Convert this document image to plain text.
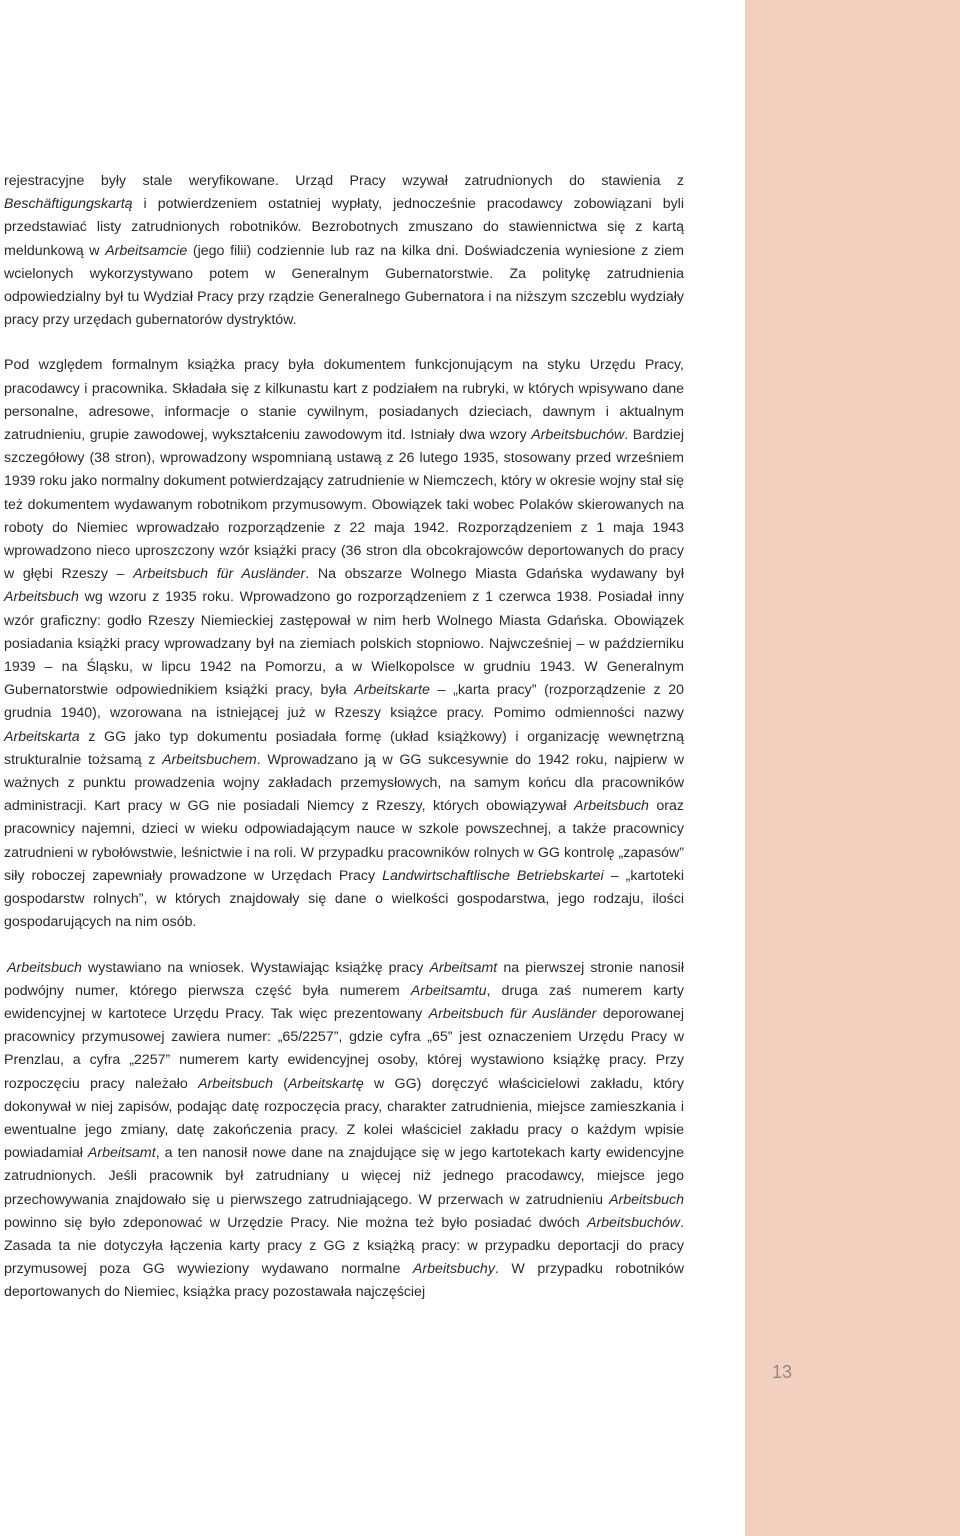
rejestracyjne były stale weryfikowane. Urząd Pracy wzywał zatrudnionych do stawienia z Beschäftigungskartą i potwierdzeniem ostatniej wypłaty, jednocześnie pracodawcy zobowiązani byli przedstawiać listy zatrudnionych robotników. Bezrobotnych zmuszano do stawiennictwa się z kartą meldunkową w Arbeitsamcie (jego filii) codziennie lub raz na kilka dni. Doświadczenia wyniesione z ziem wcielonych wykorzystywano potem w Generalnym Gubernatorstwie. Za politykę zatrudnienia odpowiedzialny był tu Wydział Pracy przy rządzie Generalnego Gubernatora i na niższym szczeblu wydziały pracy przy urzędach gubernatorów dystryktów.

Pod względem formalnym książka pracy była dokumentem funkcjonującym na styku Urzędu Pracy, pracodawcy i pracownika. Składała się z kilkunastu kart z podziałem na rubryki, w których wpisywano dane personalne, adresowe, informacje o stanie cywilnym, posiadanych dzieciach, dawnym i aktualnym zatrudnieniu, grupie zawodowej, wykształceniu zawodowym itd. Istniały dwa wzory Arbeitsbuchów. Bardziej szczegółowy (38 stron), wprowadzony wspomnianą ustawą z 26 lutego 1935, stosowany przed wrześniem 1939 roku jako normalny dokument potwierdzający zatrudnienie w Niemczech, który w okresie wojny stał się też dokumentem wydawanym robotnikom przymusowym. Obowiązek taki wobec Polaków skierowanych na roboty do Niemiec wprowadzało rozporządzenie z 22 maja 1942. Rozporządzeniem z 1 maja 1943 wprowadzono nieco uproszczony wzór książki pracy (36 stron dla obcokrajowców deportowanych do pracy w głębi Rzeszy – Arbeitsbuch für Ausländer. Na obszarze Wolnego Miasta Gdańska wydawany był Arbeitsbuch wg wzoru z 1935 roku. Wprowadzono go rozporządzeniem z 1 czerwca 1938. Posiadał inny wzór graficzny: godło Rzeszy Niemieckiej zastępował w nim herb Wolnego Miasta Gdańska. Obowiązek posiadania książki pracy wprowadzany był na ziemiach polskich stopniowo. Najwcześniej – w październiku 1939 – na Śląsku, w lipcu 1942 na Pomorzu, a w Wielkopolsce w grudniu 1943. W Generalnym Gubernatorstwie odpowiednikiem książki pracy, była Arbeitskarte – „karta pracy” (rozporządzenie z 20 grudnia 1940), wzorowana na istniejącej już w Rzeszy książce pracy. Pomimo odmienności nazwy Arbeitskarta z GG jako typ dokumentu posiadała formę (układ książkowy) i organizację wewnętrzną strukturalnie tożsamą z Arbeitsbuchem. Wprowadzano ją w GG sukcesywnie do 1942 roku, najpierw w ważnych z punktu prowadzenia wojny zakładach przemysłowych, na samym końcu dla pracowników administracji. Kart pracy w GG nie posiadali Niemcy z Rzeszy, których obowiązywał Arbeitsbuch oraz pracownicy najemni, dzieci w wieku odpowiadającym nauce w szkole powszechnej, a także pracownicy zatrudnieni w rybołówstwie, leśnictwie i na roli. W przypadku pracowników rolnych w GG kontrolę „zapasów” siły roboczej zapewniały prowadzone w Urzędach Pracy Landwirtschaftlische Betriebskartei – „kartoteki gospodarstw rolnych”, w których znajdowały się dane o wielkości gospodarstwa, jego rodzaju, ilości gospodarujących na nim osób.

Arbeitsbuch wystawiano na wniosek. Wystawiając książkę pracy Arbeitsamt na pierwszej stronie nanosił podwójny numer, którego pierwsza część była numerem Arbeitsamtu, druga zaś numerem karty ewidencyjnej w kartotece Urzędu Pracy. Tak więc prezentowany Arbeitsbuch für Ausländer deporowanej pracownicy przymusowej zawiera numer: „65/2257”, gdzie cyfra „65” jest oznaczeniem Urzędu Pracy w Prenzlau, a cyfra „2257” numerem karty ewidencyjnej osoby, której wystawiono książkę pracy. Przy rozpoczęciu pracy należało Arbeitsbuch (Arbeitskartę w GG) doręczyć właścicielowi zakładu, który dokonywał w niej zapisów, podając datę rozpoczęcia pracy, charakter zatrudnienia, miejsce zamieszkania i ewentualne jego zmiany, datę zakończenia pracy. Z kolei właściciel zakładu pracy o każdym wpisie powiadamiał Arbeitsamt, a ten nanosił nowe dane na znajdujące się w jego kartotekach karty ewidencyjne zatrudnionych. Jeśli pracownik był zatrudniany u więcej niż jednego pracodawcy, miejsce jego przechowywania znajdowało się u pierwszego zatrudniającego. W przerwach w zatrudnieniu Arbeitsbuch powinno się było zdeponować w Urzędzie Pracy. Nie można też było posiadać dwóch Arbeitsbuchów. Zasada ta nie dotyczyła łączenia karty pracy z GG z książką pracy: w przypadku deportacji do pracy przymusowej poza GG wywieziony wydawano normalne Arbeitsbuchy. W przypadku robotników deportowanych do Niemiec, książka pracy pozostawała najczęściej

13
